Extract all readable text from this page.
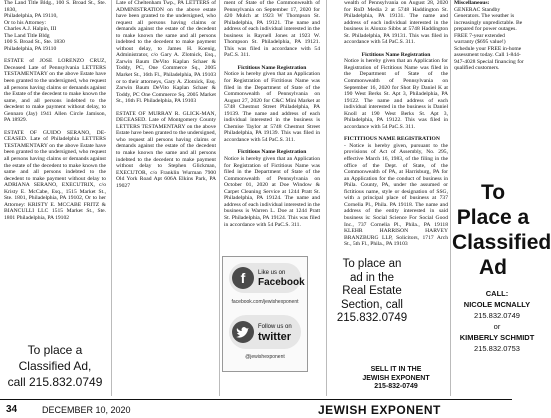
The Land Title Bldg., 100 S. Broad St., Ste. 1830,

Philadelphia, PA 19110,

Or to his Attorney:

Charles A.J. Halpin, III

The Land Title Bldg

100 S. Broad St., Ste. 1830

Philadelphia, PA 19110

ESTATE of JOSE LORENZO CRUZ, Deceased Late of Pennsylvania LETTERS TESTAMENTARY on the above Estate have been granted to the undersigned, who request all persons having claims or demands against the Estate of the decedent to make known the same, and all persons indebted to the decedent to make payment without delay, to Gennaro (Jay) 1941 Allen Circle Jamison, PA 18929.

ESTATE OF GUIDO SERANO, DE-CEASED. Late of Philadelphia LETTERS TESTAMENTARY on the above Estate have been granted to the undersigned, who request all persons having claims or demands against the estate of the decedent to make known the same and all persons indebted to the decedent to make payment without delay to ADRIANA SERANO, EXECUTRIX, c/o Kristy E. McCabe, Esq., 1515 Market St., Ste. 1801, Philadelphia, PA 19102, Or to her Attorney: KRISTY E. MCCABE FRITZ & BIANCULLI LLC 1515 Market St., Ste. 1801 Philadelphia, PA 19102

To place a
Classified Ad,
call 215.832.0749

Late of Cheltenham Twp., PA LETTERS of ADMINISTRATION on the above estate have been granted to the undersigned, who request all persons having claims or demands against the estate of the decedent to make known the same and all persons indebted to the decedent to make payment without delay, to James H. Koenig, Administrator, c/o Gary A. Zlotnick, Esq., Zarwin Baum DeVito Kaplan Schaer & Toddy, PC, One Commerce Sq., 2005 Market St., 16th Fl., Philadelphia, PA 19103 or to their attorneys, Gary A. Zlotnick, Esq. Zarwin Baum DeVito Kaplan Schaer & Toddy, PC One Commerce Sq. 2005 Market St., 16th Fl. Philadelphia, PA 19103

ESTATE OF MURRAY R. GLICK-MAN, DECEASED. Late of Montgomery County LETTERS TESTAMENTARY on the above Estate have been granted to the undersigned, who request all persons having claims or demands against the estate of the decedent to make known the same and all persons indebted to the decedent to make payment without delay to Stephen Glickman, EXECUTOR, c/o Franklin Wurman 7900 Old York Road Apt 606A Elkins Park, PA 19027

f	Like us on
Facebook
facebook.com/jewishexponent
Follow us on
twitter
@jewishexponent

ment of State of the Commonwealth of Pennsylvania on September 17, 2020 for 420 Mulch at 1923 W Thompson St. Philadelphia, PA 19121. The name and address of each individual interested in the business is Raynell Jones at 1923 W. Thompson St. Philadelphia, PA 19121. This was filed in accordance with 54 PaC.S. 311.

Fictitious Name Registration

Notice is hereby given that an Application for Registration of Fictitious Name was filed in the Department of State of the Commonwealth of Pennsylvania on August 27, 2020 for C&C Mini Market at 5748 Chestnut Street Philadelphia, PA 19139. The name and address of each individual interested in the business is Chemise Taylor at 5748 Chestnut Street Philadelphia, PA 19139. This was filed in accordance with 54 PaC.S. 311.

Fictitious Name Registration

Notice is hereby given that an Application for Registration of Fictitious Name was filed in the Department of State of the Commonwealth of Pennsylvania on October 01, 2020 at Doe Window & Carpet Cleaning Service at 1244 Pratt St. Philadelphia, PA 19124. The name and address of each individual interested in the business is Warren L. Doe at 1244 Pratt St. Philadelphia, PA 19124. This was filed in accordance with 54 PaC.S. 311.

To place an
ad in the
Real Estate
Section, call
215.832.0749

wealth of Pennsylvania on August 28, 2020 for RnD Media 2 at 5748 Haddington St. Philadelphia, PA 19131. The name and address of each individual interested in the business is Alonzo Sibbs at 5748 Haddington St. Philadelphia, PA 19131. This was filed in accordance with 54 PaC.S. 311.

Fictitious Name Registration

Notice is hereby given that an Application for Registration of Fictitious Name was filed in the Department of State of the Commonwealth of Pennsylvania on September 16, 2020 for Shot By Daniel K at 190 West Berks St. Apt 3, Philadelphia, PA 19122. The name and address of each individual interested in the business is Daniel Knoll at 190 West Berks St. Apt 3, Philadelphia, PA 19122. This was filed in accordance with 54 PaC.S. 311.

FICTITIOUS NAME REGISTRATION

- Notice is hereby given, pursuant to the provisions of Act of Assembly, No. 295, effective March 16, 1983, of the filing in the office of the Dept. of State, of the Commonwealth of PA, at Harrisburg, PA for an Application for the conduct of business in Phila. County, PA, under the assumed or fictitious name, style or designation of SSG, with a principal place of business at 737 Cornelia Pl., Phila. PA 19118. The name and address of the entity interested in said business is: Social Science For Social Good Inc., 737 Cornelia Pl., Phila., PA 19118 KLEHR HARRISON HARVEY BRANZBURG LLP, Solicitors, 1717 Arch St., 5th Fl., Phila., PA 19103

SELL IT IN THE
JEWISH EXPONENT
215-832-0749

Miscellaneous:

GENERAC Standby Generators. The weather is increasingly unpredictable. Be prepared for power outages. FREE 7-year extended warranty ($695 value!) Schedule your FREE in-home assessment today. Call 1-844-947-4028 Special financing for qualified customers.

To
Place a
Classified
Ad
CALL:
NICOLE MCNALLY
215.832.0749
or
KIMBERLY SCHMIDT
215.832.0753
34	DECEMBER 10, 2020	JEWISH EXPONENT
